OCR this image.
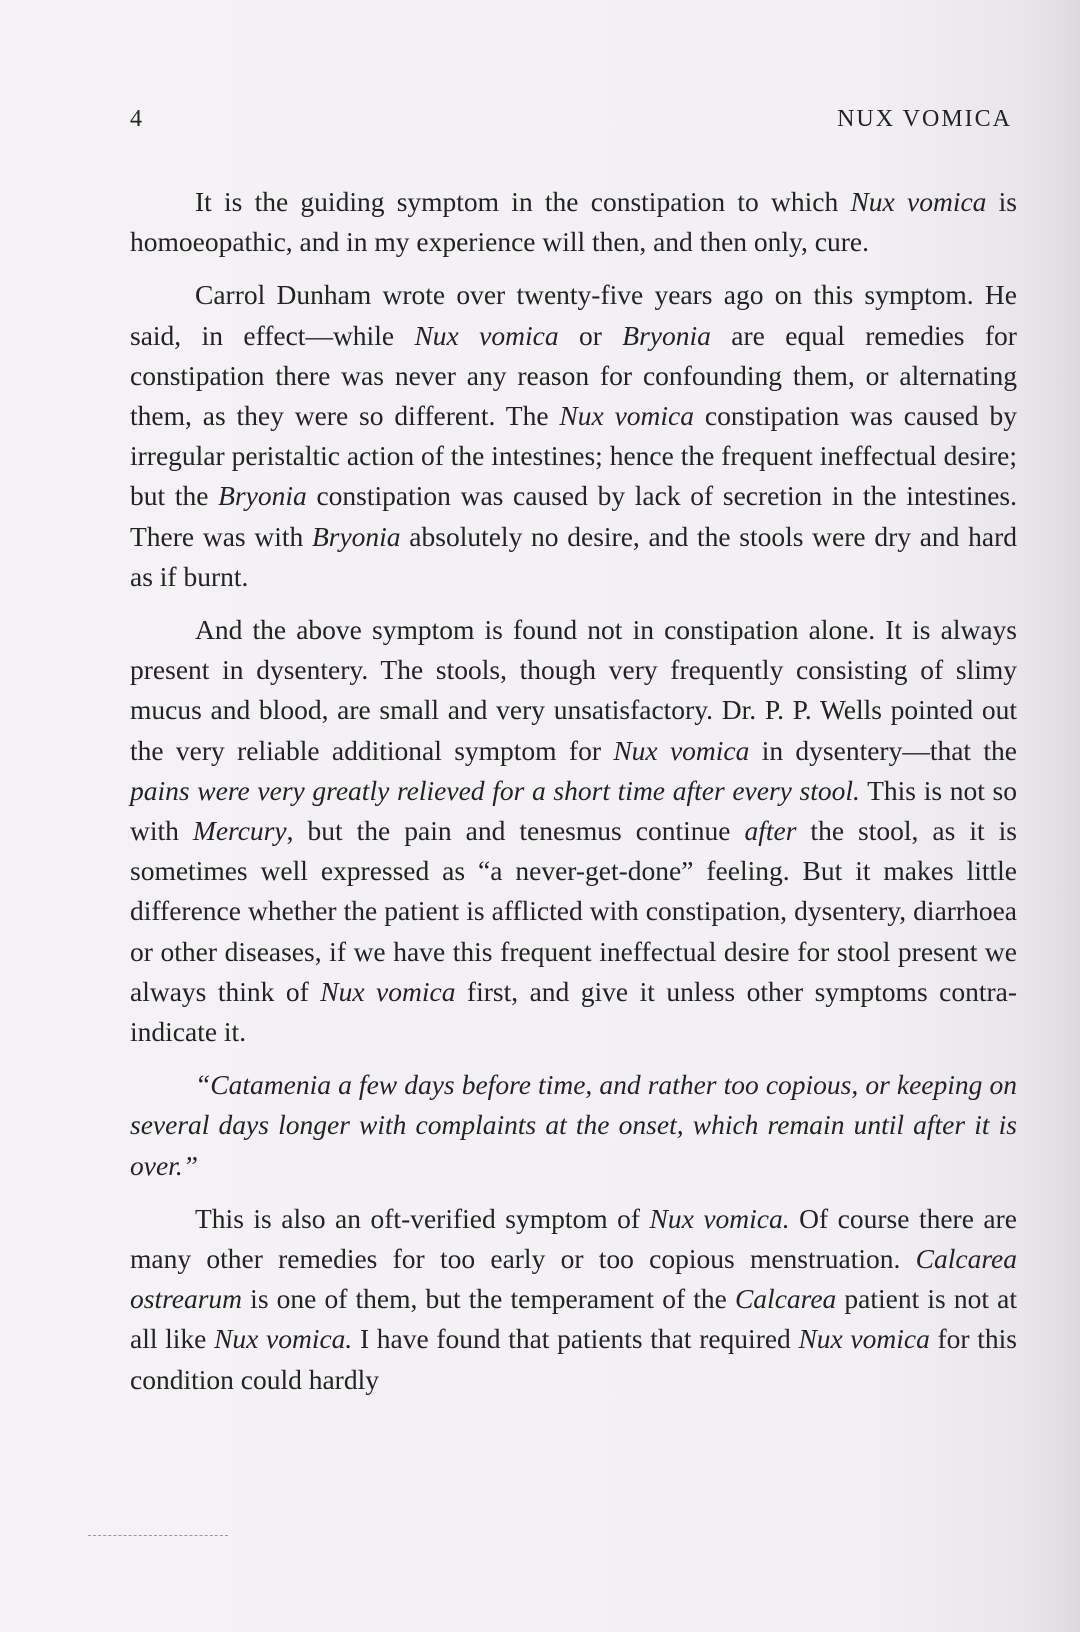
4	NUX VOMICA

It is the guiding symptom in the constipation to which Nux vomica is homoeopathic, and in my experience will then, and then only, cure.

Carrol Dunham wrote over twenty-five years ago on this symptom. He said, in effect—while Nux vomica or Bryonia are equal remedies for constipation there was never any reason for confounding them, or alternating them, as they were so different. The Nux vomica constipation was caused by irregular peristaltic action of the intestines; hence the frequent ineffectual desire; but the Bryonia constipation was caused by lack of secretion in the intestines. There was with Bryonia absolutely no desire, and the stools were dry and hard as if burnt.

And the above symptom is found not in constipation alone. It is always present in dysentery. The stools, though very frequently consisting of slimy mucus and blood, are small and very unsatisfactory. Dr. P. P. Wells pointed out the very reliable additional symptom for Nux vomica in dysentery—that the pains were very greatly relieved for a short time after every stool. This is not so with Mercury, but the pain and tenesmus continue after the stool, as it is sometimes well expressed as “a never-get-done” feeling. But it makes little difference whether the patient is afflicted with constipation, dysentery, diarrhoea or other diseases, if we have this frequent ineffectual desire for stool present we always think of Nux vomica first, and give it unless other symptoms contra-indicate it.

“Catamenia a few days before time, and rather too copious, or keeping on several days longer with complaints at the onset, which remain until after it is over.”

This is also an oft-verified symptom of Nux vomica. Of course there are many other remedies for too early or too copious menstruation. Calcarea ostrearum is one of them, but the temperament of the Calcarea patient is not at all like Nux vomica. I have found that patients that required Nux vomica for this condition could hardly
